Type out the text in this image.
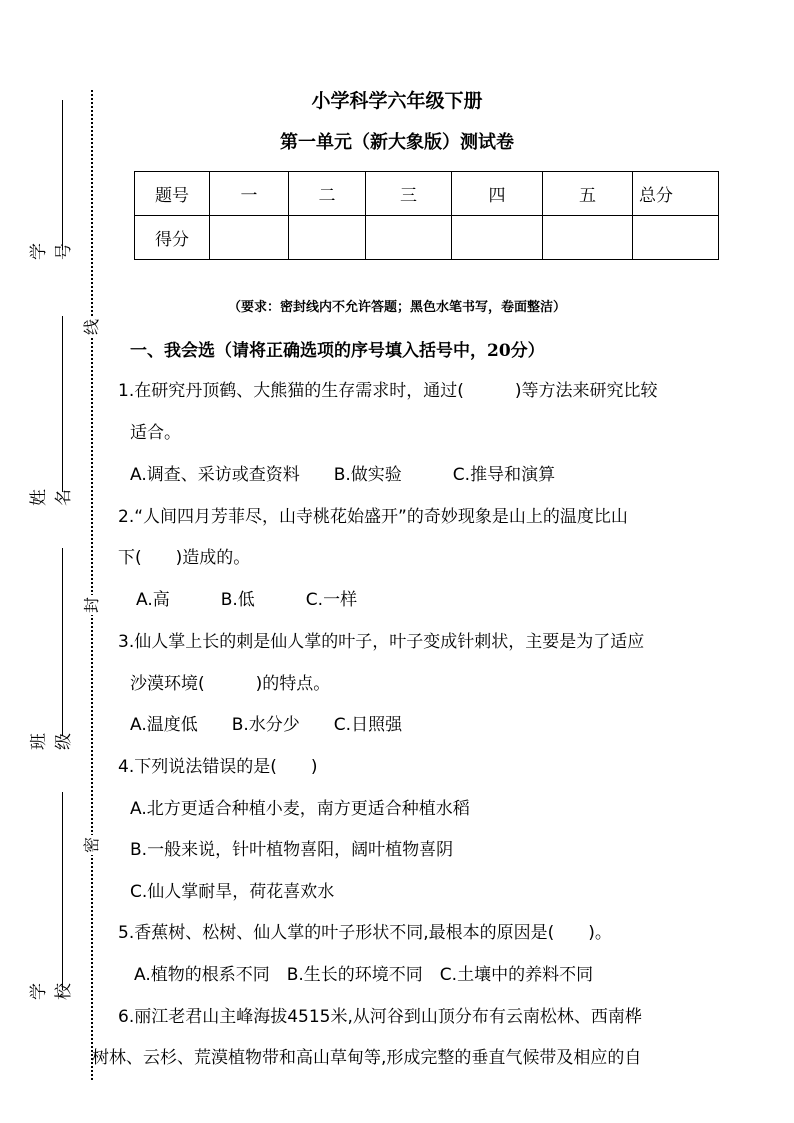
学号
姓名
班级
学校
线
封
密
小学科学六年级下册
第一单元（新大象版）测试卷
题号	一	二	三	四	五	总分
得分						
（要求：密封线内不允许答题；黑色水笔书写，卷面整洁）
一、我会选（请将正确选项的序号填入括号中，20分）
1.在研究丹顶鹤、大熊猫的生存需求时，通过(　　　)等方法来研究比较
适合。
A.调查、采访或查资料　　B.做实验　　　C.推导和演算
2.“人间四月芳菲尽，山寺桃花始盛开”的奇妙现象是山上的温度比山
下(　　)造成的。
A.高　　　B.低　　　C.一样
3.仙人掌上长的刺是仙人掌的叶子，叶子变成针刺状，主要是为了适应
沙漠环境(　　　)的特点。
A.温度低　　B.水分少　　C.日照强
4.下列说法错误的是(　　)
A.北方更适合种植小麦，南方更适合种植水稻
B.一般来说，针叶植物喜阳，阔叶植物喜阴
C.仙人掌耐旱，荷花喜欢水
5.香蕉树、松树、仙人掌的叶子形状不同,最根本的原因是(　　)。
A.植物的根系不同　B.生长的环境不同　C.土壤中的养料不同
6.丽江老君山主峰海拔4515米,从河谷到山顶分布有云南松林、西南桦
树林、云杉、荒漠植物带和高山草甸等,形成完整的垂直气候带及相应的自
